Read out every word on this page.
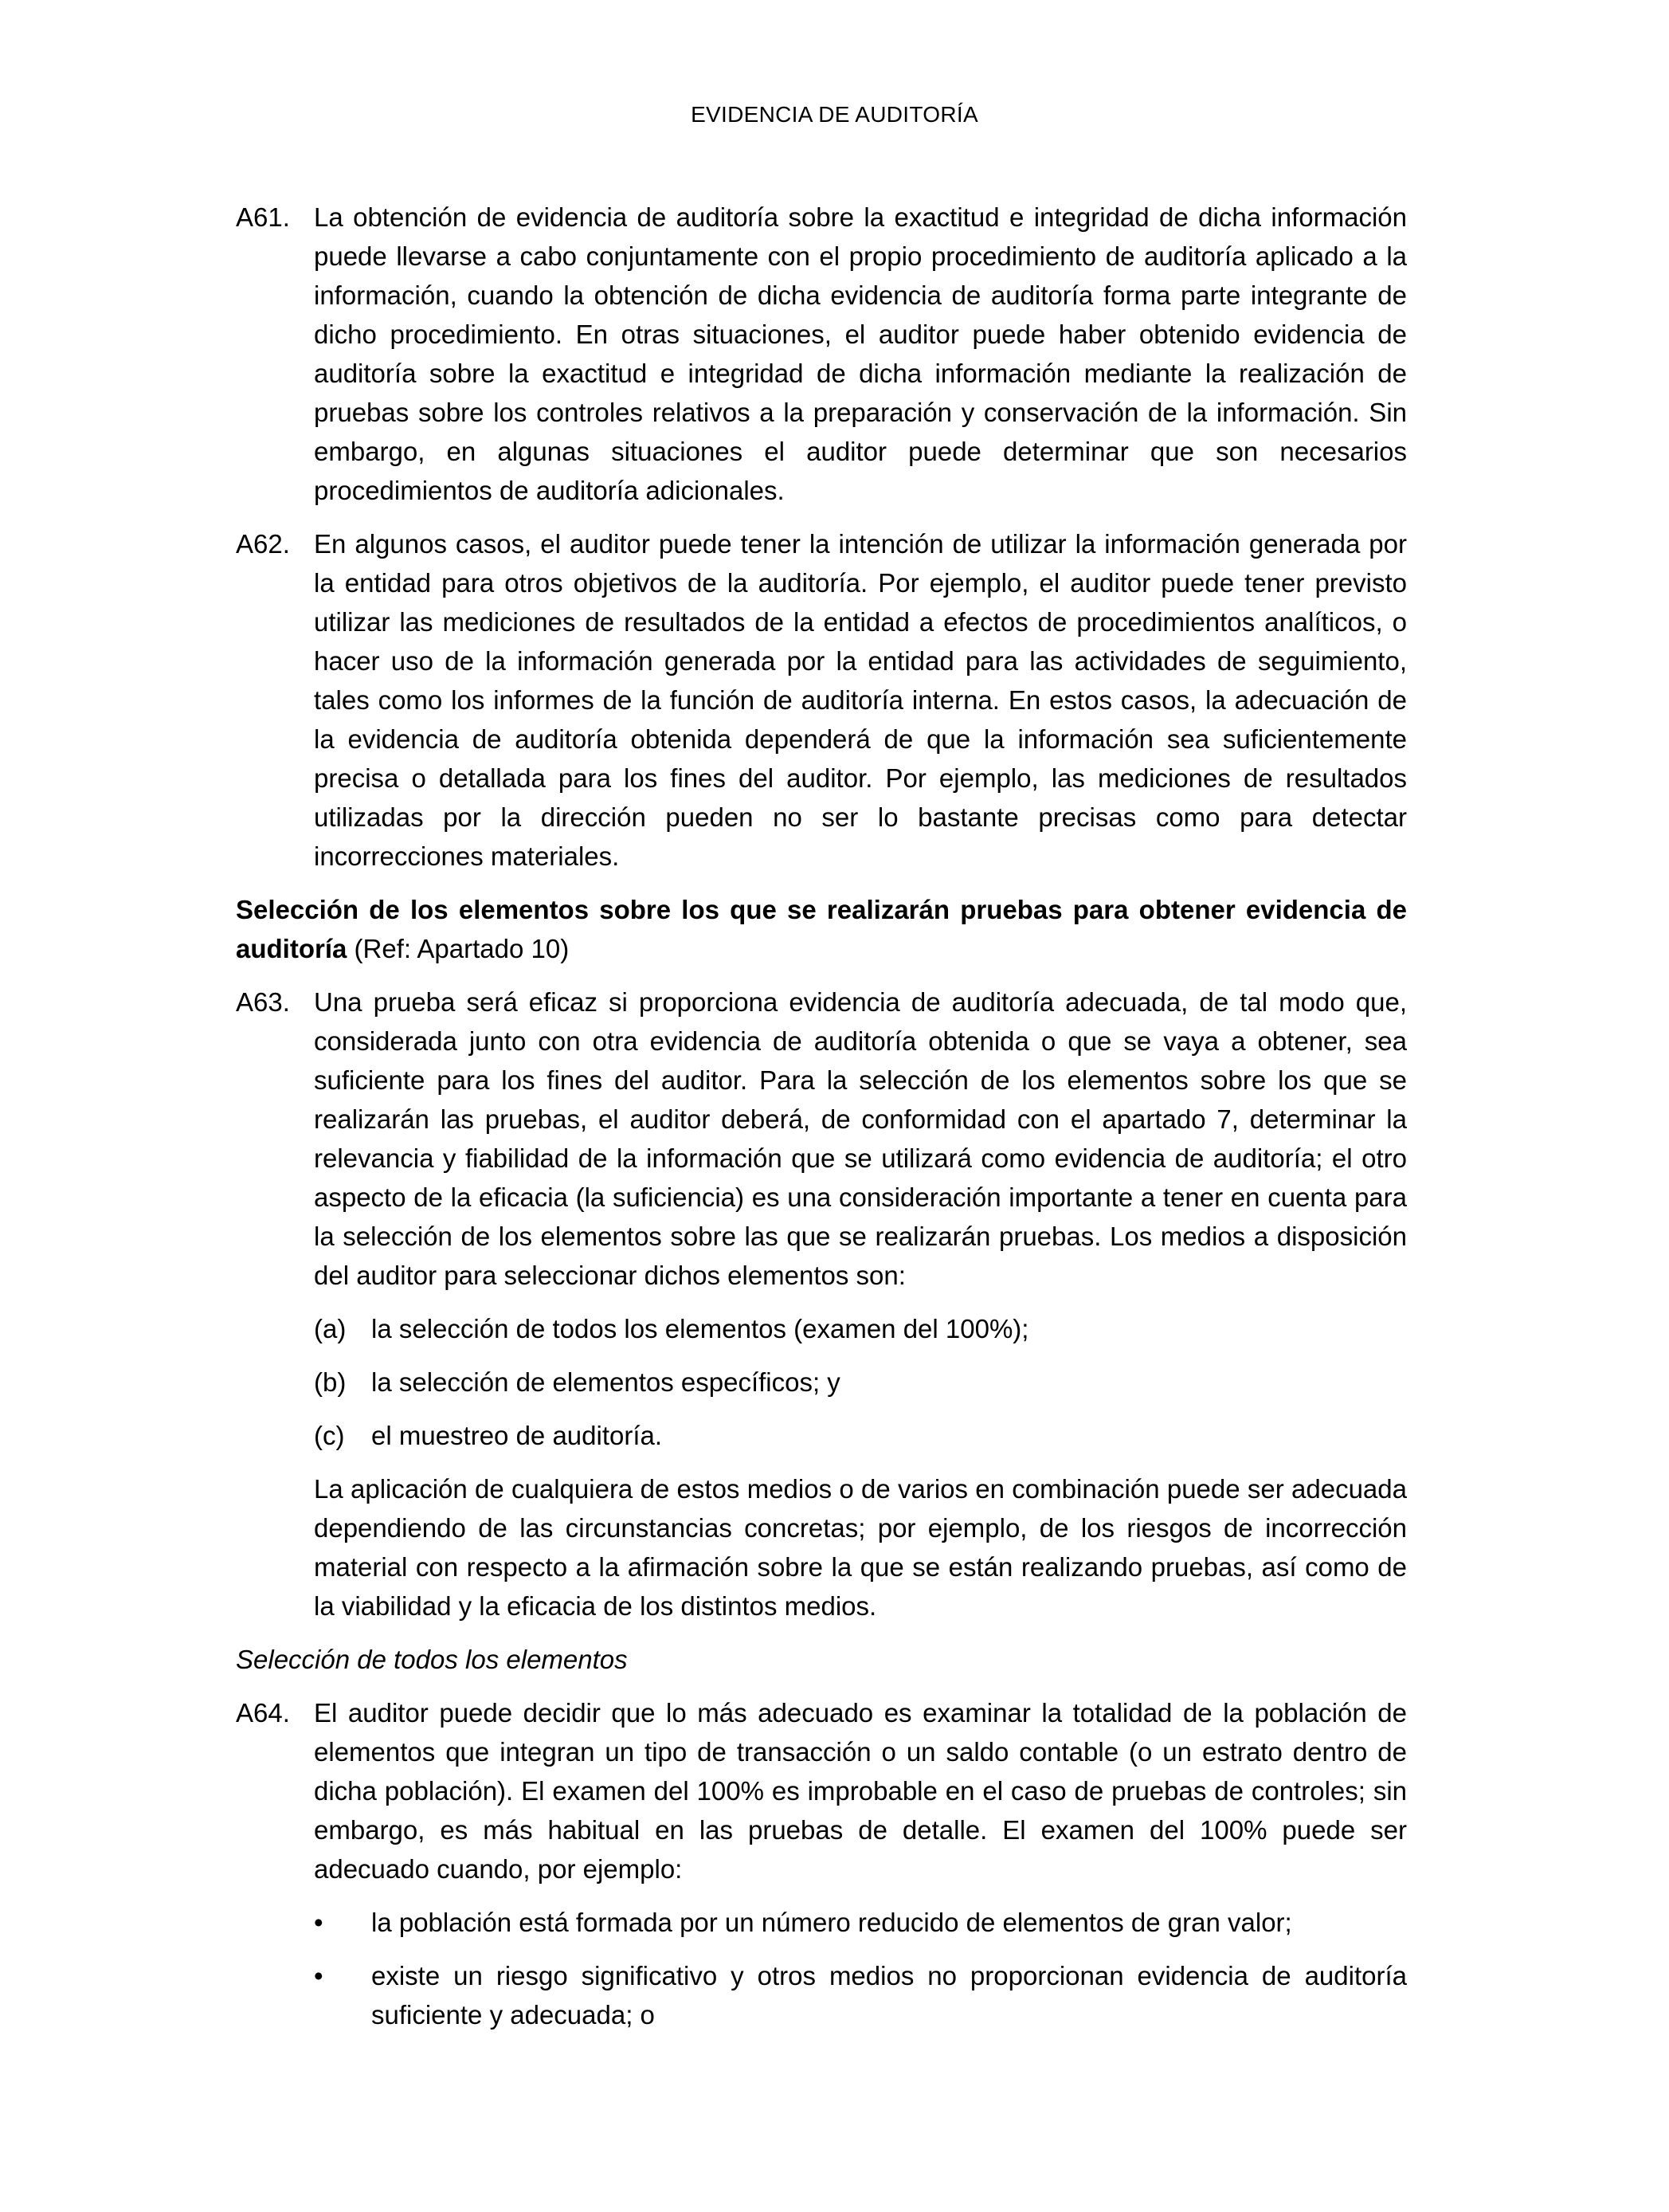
EVIDENCIA DE AUDITORÍA
A61. La obtención de evidencia de auditoría sobre la exactitud e integridad de dicha información puede llevarse a cabo conjuntamente con el propio procedimiento de auditoría aplicado a la información, cuando la obtención de dicha evidencia de auditoría forma parte integrante de dicho procedimiento. En otras situaciones, el auditor puede haber obtenido evidencia de auditoría sobre la exactitud e integridad de dicha información mediante la realización de pruebas sobre los controles relativos a la preparación y conservación de la información. Sin embargo, en algunas situaciones el auditor puede determinar que son necesarios procedimientos de auditoría adicionales.
A62. En algunos casos, el auditor puede tener la intención de utilizar la información generada por la entidad para otros objetivos de la auditoría. Por ejemplo, el auditor puede tener previsto utilizar las mediciones de resultados de la entidad a efectos de procedimientos analíticos, o hacer uso de la información generada por la entidad para las actividades de seguimiento, tales como los informes de la función de auditoría interna. En estos casos, la adecuación de la evidencia de auditoría obtenida dependerá de que la información sea suficientemente precisa o detallada para los fines del auditor. Por ejemplo, las mediciones de resultados utilizadas por la dirección pueden no ser lo bastante precisas como para detectar incorrecciones materiales.
Selección de los elementos sobre los que se realizarán pruebas para obtener evidencia de auditoría (Ref: Apartado 10)
A63. Una prueba será eficaz si proporciona evidencia de auditoría adecuada, de tal modo que, considerada junto con otra evidencia de auditoría obtenida o que se vaya a obtener, sea suficiente para los fines del auditor. Para la selección de los elementos sobre los que se realizarán las pruebas, el auditor deberá, de conformidad con el apartado 7, determinar la relevancia y fiabilidad de la información que se utilizará como evidencia de auditoría; el otro aspecto de la eficacia (la suficiencia) es una consideración importante a tener en cuenta para la selección de los elementos sobre las que se realizarán pruebas. Los medios a disposición del auditor para seleccionar dichos elementos son:
(a) la selección de todos los elementos (examen del 100%);
(b) la selección de elementos específicos; y
(c)	el muestreo de auditoría.
La aplicación de cualquiera de estos medios o de varios en combinación puede ser adecuada dependiendo de las circunstancias concretas; por ejemplo, de los riesgos de incorrección material con respecto a la afirmación sobre la que se están realizando pruebas, así como de la viabilidad y la eficacia de los distintos medios.
Selección de todos los elementos
A64. El auditor puede decidir que lo más adecuado es examinar la totalidad de la población de elementos que integran un tipo de transacción o un saldo contable (o un estrato dentro de dicha población). El examen del 100% es improbable en el caso de pruebas de controles; sin embargo, es más habitual en las pruebas de detalle. El examen del 100% puede ser adecuado cuando, por ejemplo:
•	la población está formada por un número reducido de elementos de gran valor;
•	existe un riesgo significativo y otros medios no proporcionan evidencia de auditoría suficiente y adecuada; o
